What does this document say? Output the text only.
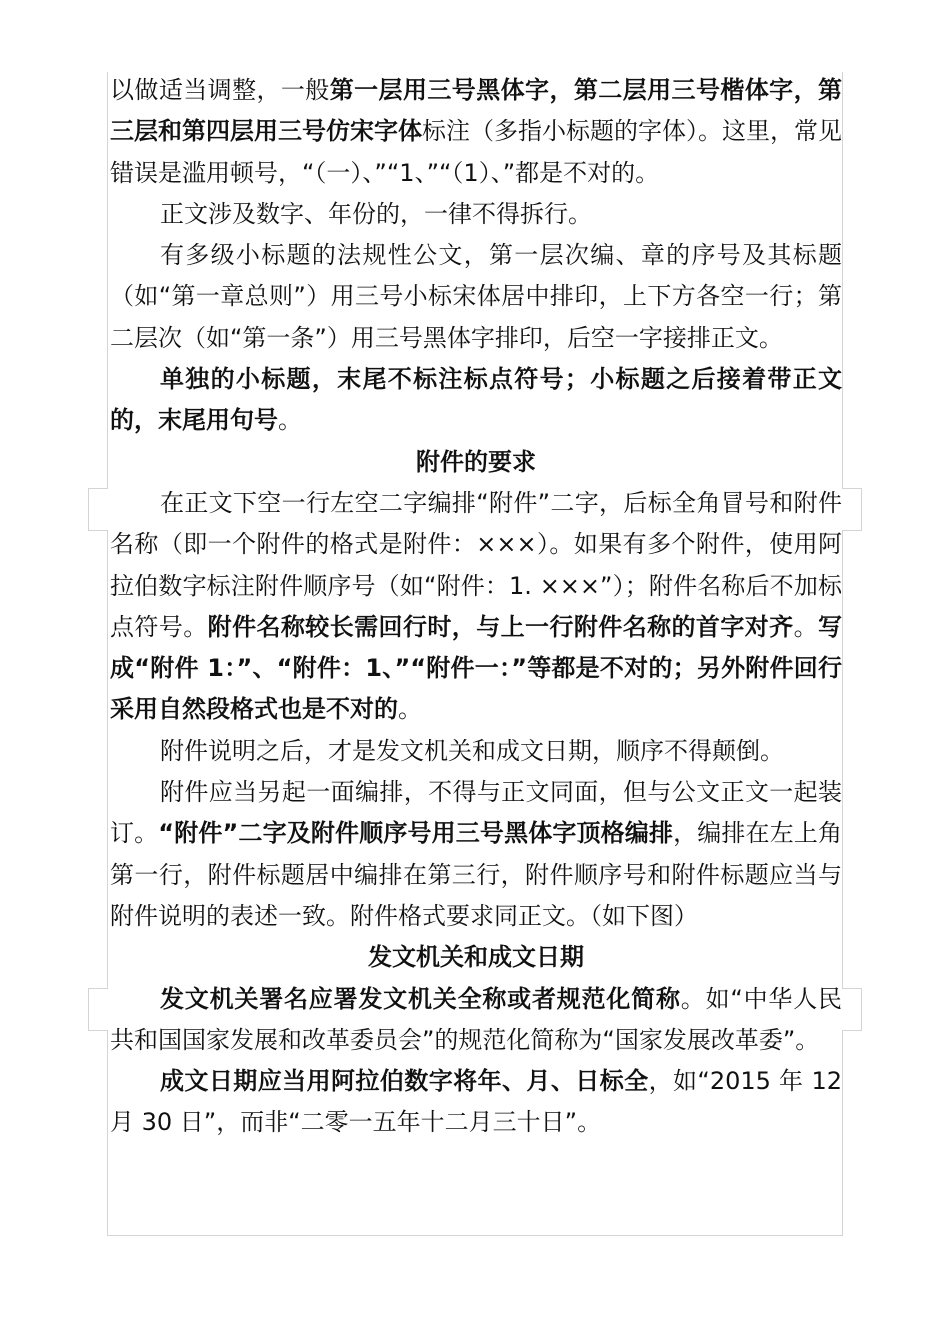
以做适当调整，一般第一层用三号黑体字，第二层用三号楷体字，第三层和第四层用三号仿宋字体标注（多指小标题的字体）。这里，常见错误是滥用顿号，“（一）、”“1、”“（1）、”都是不对的。

正文涉及数字、年份的，一律不得拆行。

有多级小标题的法规性公文，第一层次编、章的序号及其标题（如“第一章总则”）用三号小标宋体居中排印，上下方各空一行；第二层次（如“第一条”）用三号黑体字排印，后空一字接排正文。

单独的小标题，末尾不标注标点符号；小标题之后接着带正文的，末尾用句号。

附件的要求

在正文下空一行左空二字编排“附件”二字，后标全角冒号和附件名称（即一个附件的格式是附件：×××）。如果有多个附件，使用阿拉伯数字标注附件顺序号（如“附件：1. ×××”）；附件名称后不加标点符号。附件名称较长需回行时，与上一行附件名称的首字对齐。写成“附件 1：”、“附件：1、”“附件一：”等都是不对的；另外附件回行采用自然段格式也是不对的。

附件说明之后，才是发文机关和成文日期，顺序不得颠倒。

附件应当另起一面编排，不得与正文同面，但与公文正文一起装订。“附件”二字及附件顺序号用三号黑体字顶格编排，编排在左上角第一行，附件标题居中编排在第三行，附件顺序号和附件标题应当与附件说明的表述一致。附件格式要求同正文。（如下图）

发文机关和成文日期

发文机关署名应署发文机关全称或者规范化简称。如“中华人民共和国国家发展和改革委员会”的规范化简称为“国家发展改革委”。

成文日期应当用阿拉伯数字将年、月、日标全，如“2015 年 12 月 30 日”，而非“二零一五年十二月三十日”。
